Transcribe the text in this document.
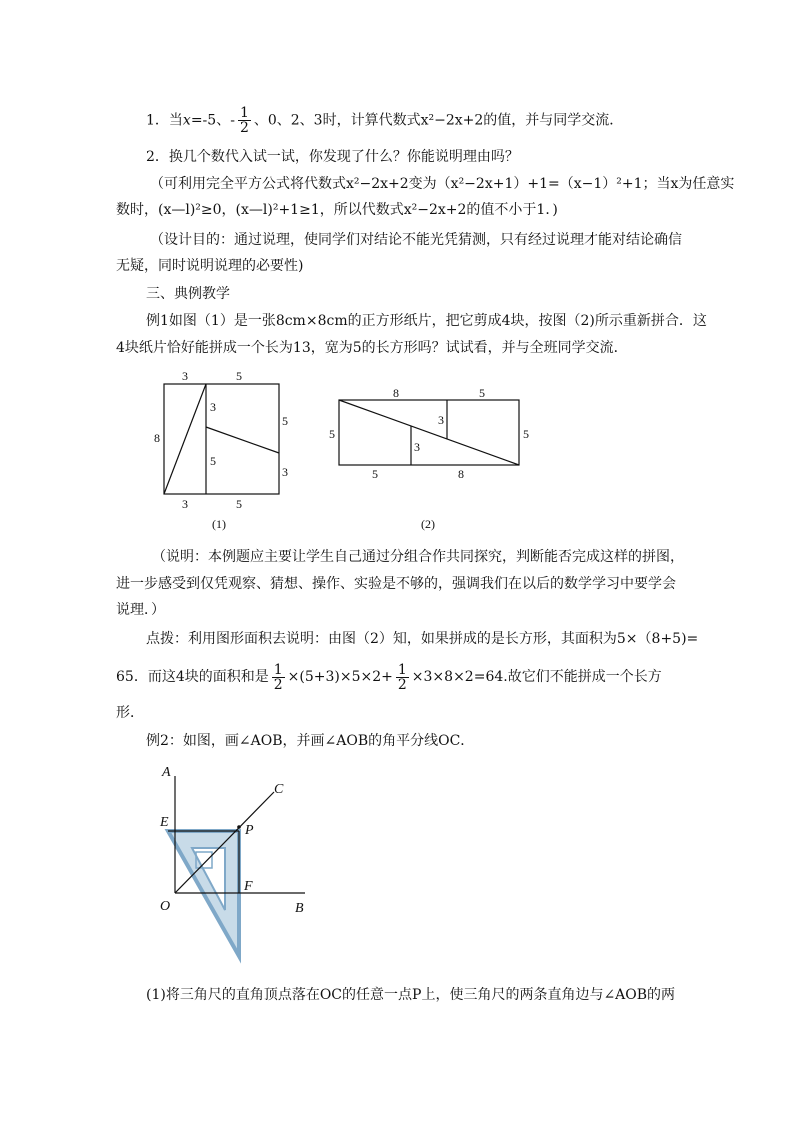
1．当x=-5、- $\frac{1}{2}$ 、0、2、3时，计算代数式x²−2x+2的值，并与同学交流．
2．换几个数代入试一试，你发现了什么？你能说明理由吗？
（可利用完全平方公式将代数式x²−2x+2变为（x²−2x+1）+1=（x−1）²+1；当x为任意实
数时，(x—l)²≥0，(x—l)²+1≥1，所以代数式x²−2x+2的值不小于1．)
（设计目的：通过说理，使同学们对结论不能光凭猜测，只有经过说理才能对结论确信
无疑，同时说明说理的必要性)
三、典例教学
例1如图（1）是一张8cm×8cm的正方形纸片，把它剪成4块，按图（2)所示重新拼合．这
4块纸片恰好能拼成一个长为13，宽为5的长方形吗？试试看，并与全班同学交流．
3	5
8
3
5
5
3
3	5
(1)
8	5
5	5
3
3
5	8
(2)
（说明：本例题应主要让学生自己通过分组合作共同探究，判断能否完成这样的拼图，
进一步感受到仅凭观察、猜想、操作、实验是不够的，强调我们在以后的数学学习中要学会
说理．）
点拨：利用图形面积去说明：由图（2）知，如果拼成的是长方形，其面积为5×（8+5)=
65．而这4块的面积和是 $\frac{1}{2} \times(5+3)\times 5\times 2+ \frac{1}{2} \times 3\times 8\times 2=64$.故它们不能拼成一个长方
形．
例2：如图，画∠AOB，并画∠AOB的角平分线OC．
A
B
C
E
P
F
O
(1)将三角尺的直角顶点落在OC的任意一点P上，使三角尺的两条直角边与∠AOB的两
